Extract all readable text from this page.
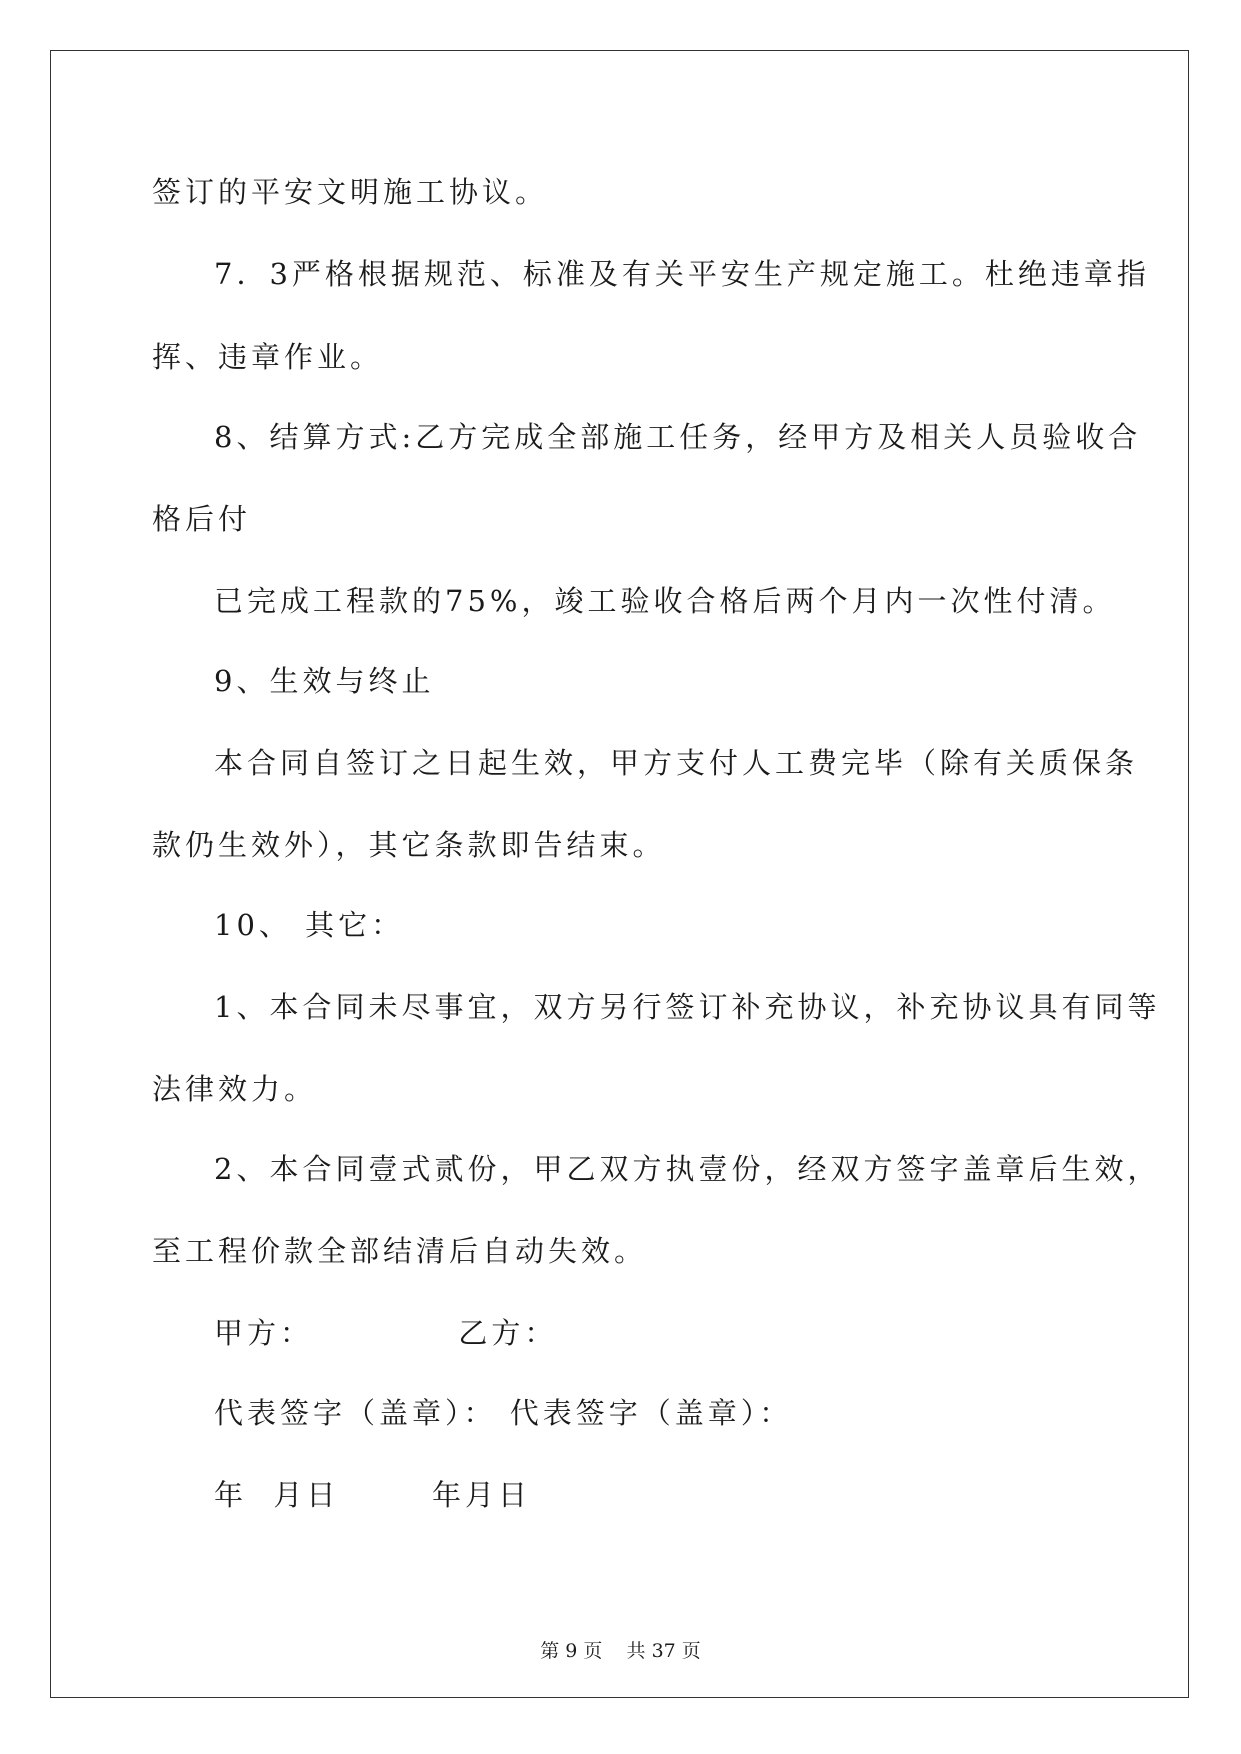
签订的平安文明施工协议。
7．3严格根据规范、标准及有关平安生产规定施工。杜绝违章指
挥、违章作业。
8、结算方式:乙方完成全部施工任务，经甲方及相关人员验收合
格后付
已完成工程款的75%，竣工验收合格后两个月内一次性付清。
9、生效与终止
本合同自签订之日起生效，甲方支付人工费完毕（除有关质保条
款仍生效外），其它条款即告结束。
10、 其它：
1、本合同未尽事宜，双方另行签订补充协议，补充协议具有同等
法律效力。
2、本合同壹式贰份，甲乙双方执壹份，经双方签字盖章后生效，
至工程价款全部结清后自动失效。
甲方：           乙方：
代表签字（盖章）： 代表签字（盖章）：
年  月日       年月日
第 9 页    共 37 页
